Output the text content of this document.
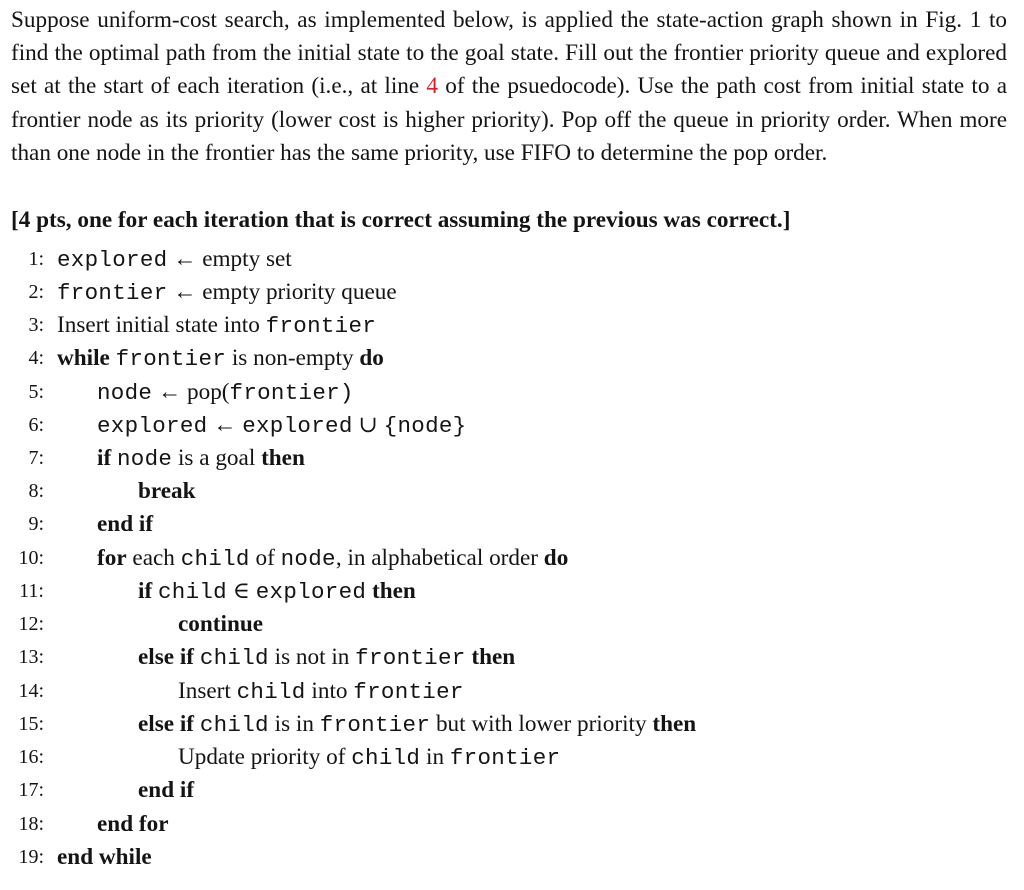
Suppose uniform-cost search, as implemented below, is applied the state-action graph shown in Fig. 1 to find the optimal path from the initial state to the goal state. Fill out the frontier priority queue and explored set at the start of each iteration (i.e., at line 4 of the psuedocode). Use the path cost from initial state to a frontier node as its priority (lower cost is higher priority). Pop off the queue in priority order. When more than one node in the frontier has the same priority, use FIFO to determine the pop order.
[4 pts, one for each iteration that is correct assuming the previous was correct.]
1: explored ← empty set
2: frontier ← empty priority queue
3: Insert initial state into frontier
4: while frontier is non-empty do
5: node ← pop(frontier)
6: explored ← explored ∪ {node}
7: if node is a goal then
8:	break
9: end if
10: for each child of node, in alphabetical order do
11:	if child ∈ explored then
12:	continue
13:	else if child is not in frontier then
14:	Insert child into frontier
15:	else if child is in frontier but with lower priority then
16:	Update priority of child in frontier
17:	end if
18: end for
19: end while
